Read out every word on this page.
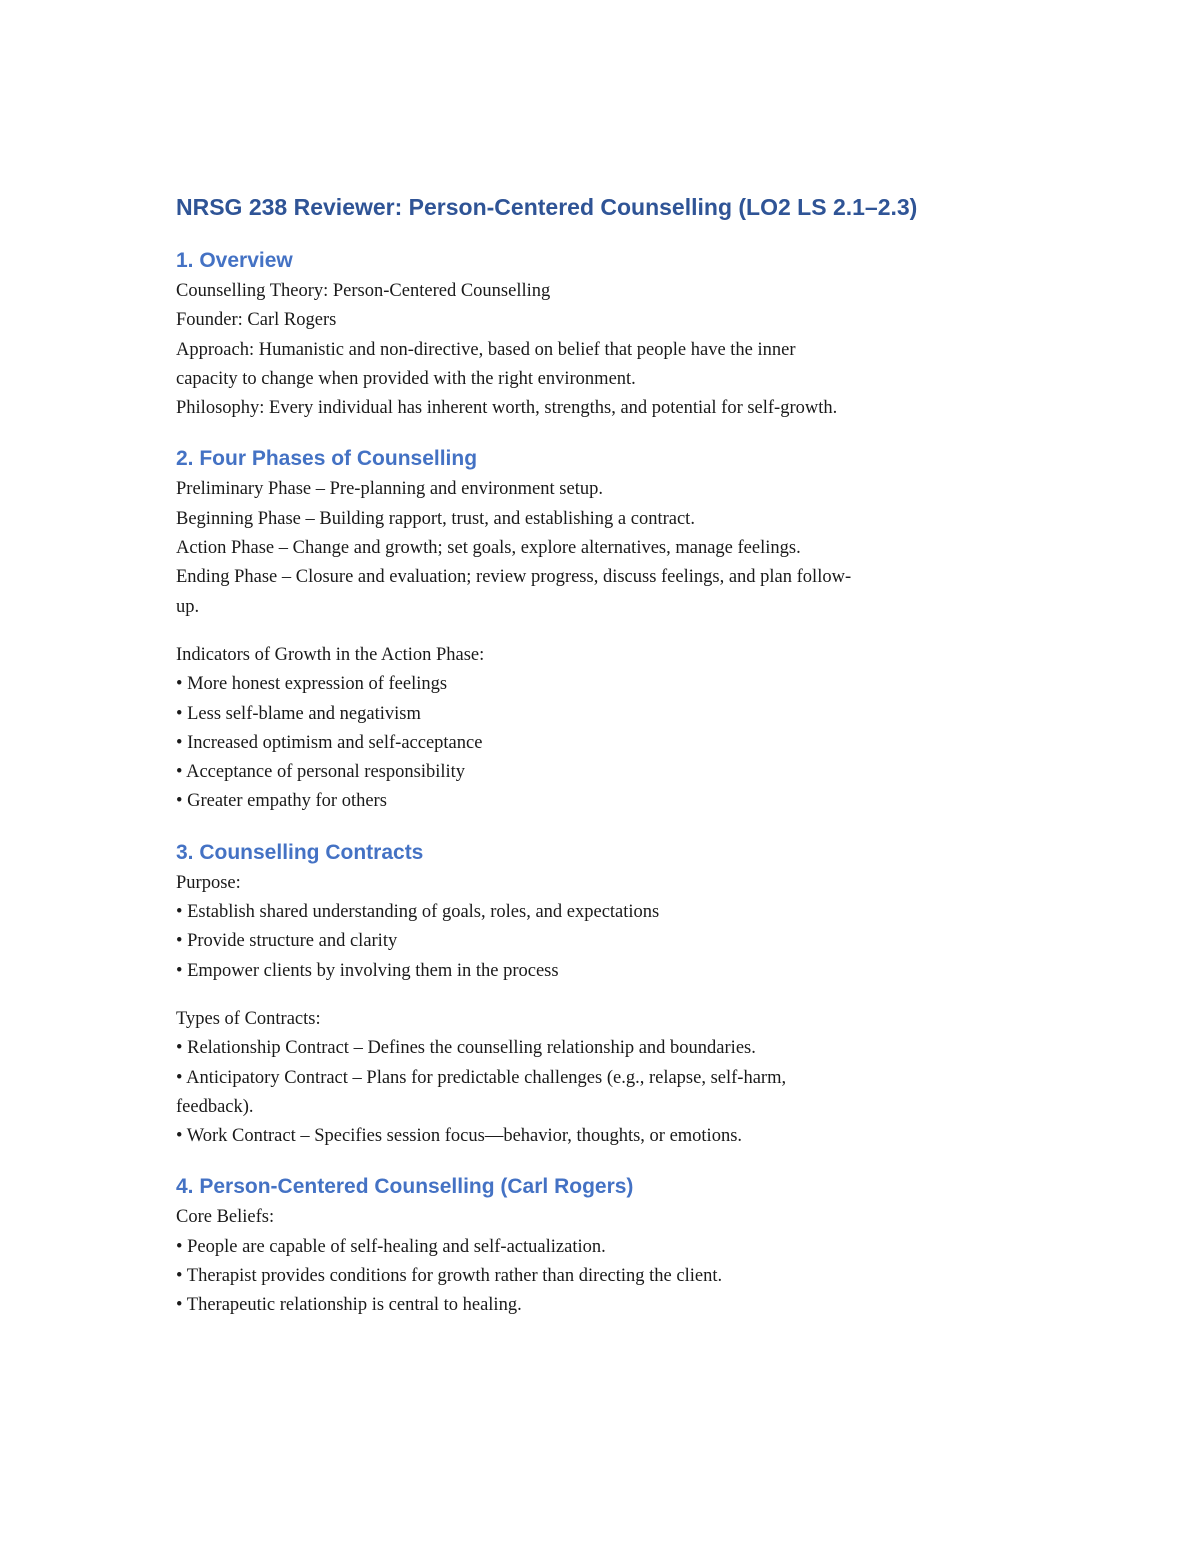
NRSG 238 Reviewer: Person-Centered Counselling (LO2 LS 2.1–2.3)
1. Overview

Counselling Theory: Person-Centered Counselling

Founder: Carl Rogers

Approach: Humanistic and non-directive, based on belief that people have the inner

capacity to change when provided with the right environment.

Philosophy: Every individual has inherent worth, strengths, and potential for self-growth.

2. Four Phases of Counselling

Preliminary Phase – Pre-planning and environment setup.

Beginning Phase – Building rapport, trust, and establishing a contract.

Action Phase – Change and growth; set goals, explore alternatives, manage feelings.

Ending Phase – Closure and evaluation; review progress, discuss feelings, and plan follow-

up.

Indicators of Growth in the Action Phase:

• More honest expression of feelings

• Less self-blame and negativism

• Increased optimism and self-acceptance

• Acceptance of personal responsibility

• Greater empathy for others

3. Counselling Contracts

Purpose:

• Establish shared understanding of goals, roles, and expectations

• Provide structure and clarity

• Empower clients by involving them in the process

Types of Contracts:

• Relationship Contract – Defines the counselling relationship and boundaries.

• Anticipatory Contract – Plans for predictable challenges (e.g., relapse, self-harm,

feedback).

• Work Contract – Specifies session focus—behavior, thoughts, or emotions.

4. Person-Centered Counselling (Carl Rogers)

Core Beliefs:

• People are capable of self-healing and self-actualization.

• Therapist provides conditions for growth rather than directing the client.

• Therapeutic relationship is central to healing.
